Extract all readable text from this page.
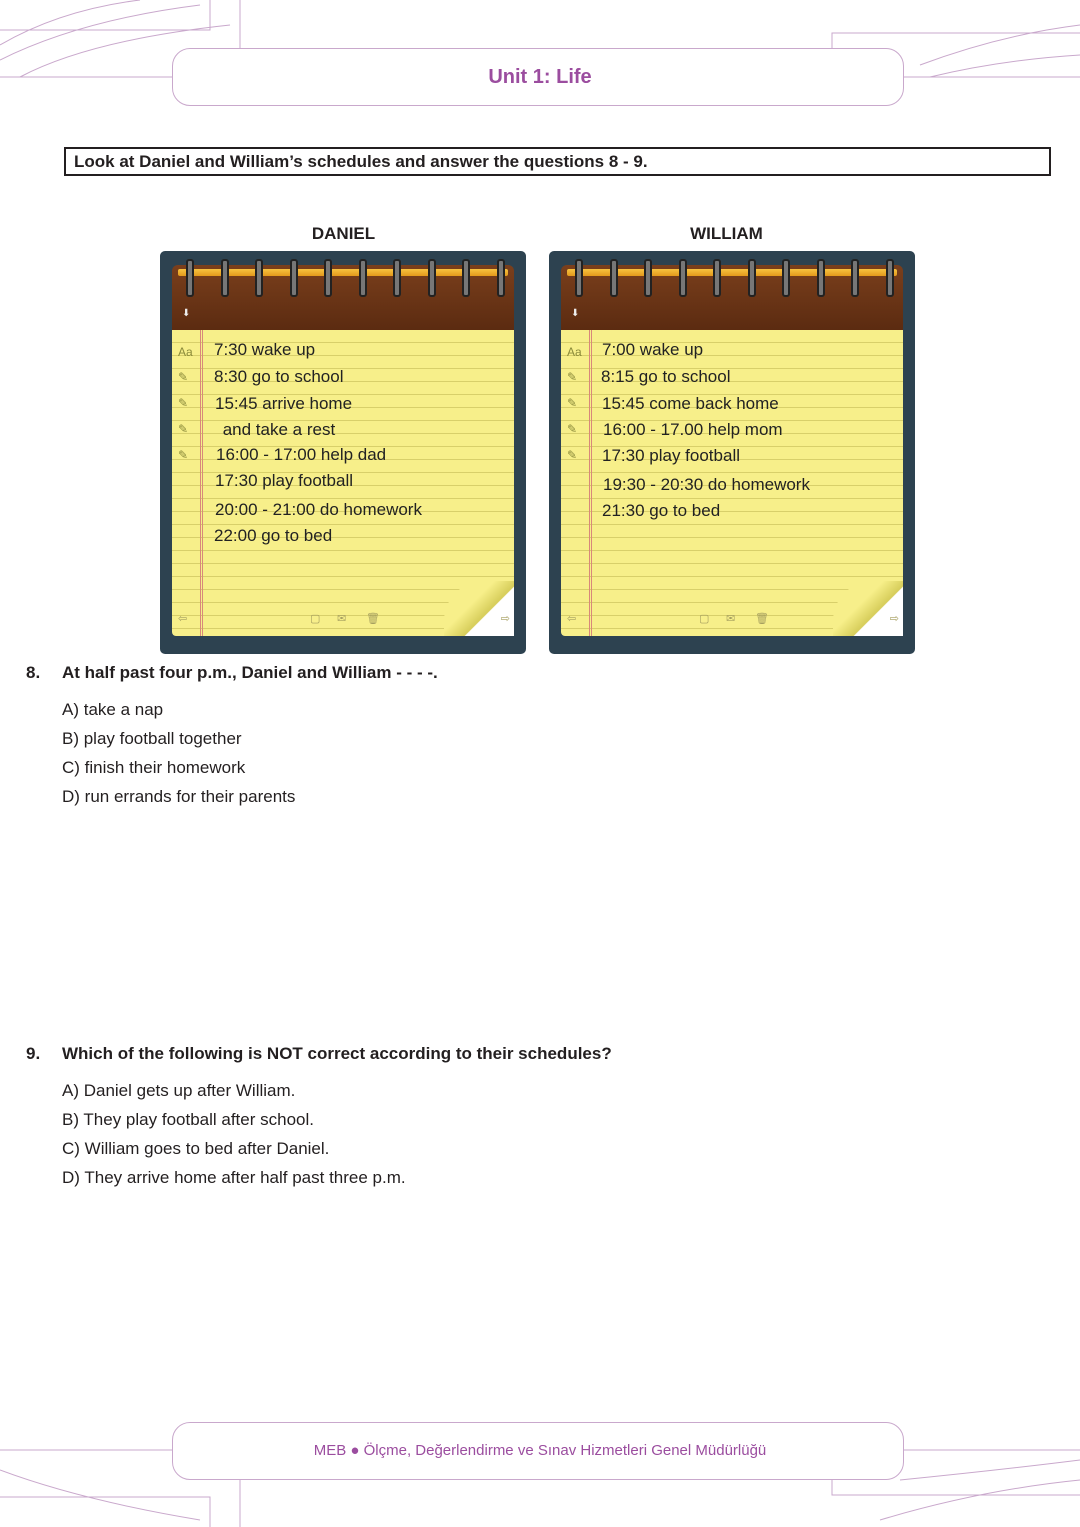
Unit 1: Life
Look at Daniel and William’s schedules and answer the questions 8 - 9.
DANIEL	WILLIAM
⬇
Aa
✎
✎
✎
✎
7:30 wake up
8:30 go to school
15:45 arrive home
and take a rest
16:00 - 17:00 help dad
17:30 play football
20:00 - 21:00 do homework
22:00 go to bed
⇦	▢ ✉ 🗑	⇨
⬇
Aa
✎
✎
✎
✎
7:00 wake up
8:15 go to school
15:45 come back home
16:00 - 17.00 help mom
17:30 play football
19:30 - 20:30 do homework
21:30 go to bed
⇦	▢ ✉ 🗑	⇨
8. At half past four p.m., Daniel and William - - - -.
A) take a nap
B) play football together
C) finish their homework
D) run errands for their parents
9. Which of the following is NOT correct according to their schedules?
A) Daniel gets up after William.
B) They play football after school.
C) William goes to bed after Daniel.
D) They arrive home after half past three p.m.
MEB ● Ölçme, Değerlendirme ve Sınav Hizmetleri Genel Müdürlüğü
